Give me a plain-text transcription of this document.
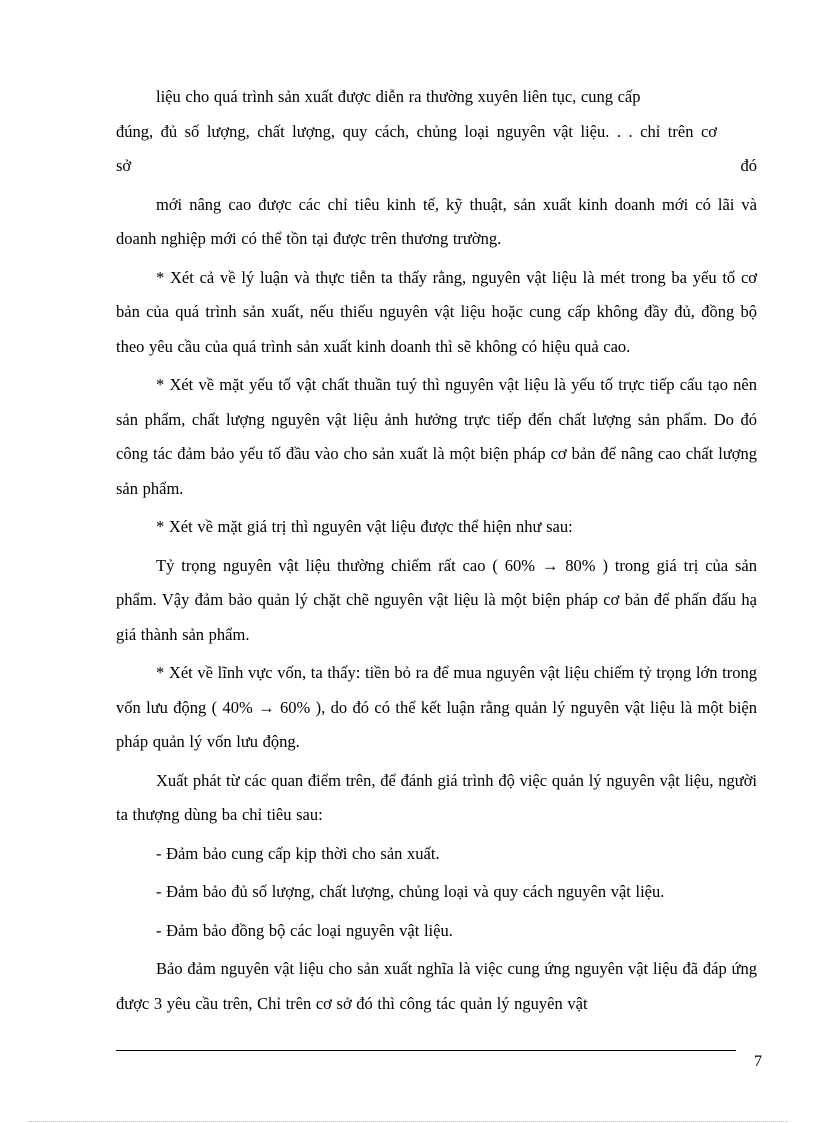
liệu cho quá trình sản xuất được diễn ra thường xuyên liên tục, cung cấp
đúng, đủ số lượng, chất lượng, quy cách, chủng loại nguyên vật liệu. . . chỉ trên cơ

sở	đó

mới nâng cao được các chỉ tiêu kinh tế, kỹ thuật, sản xuất kinh doanh mới có lãi và doanh nghiệp mới có thể tồn tại được trên thương trường.

* Xét cả về lý luận và thực tiễn ta thấy rằng, nguyên vật liệu là mét trong ba yếu tố cơ bản của quá trình sản xuất, nếu thiếu nguyên vật liệu hoặc cung cấp không đầy đủ, đồng bộ theo yêu cầu của quá trình sản xuất kinh doanh thì sẽ không có hiệu quả cao.

* Xét về mặt yếu tố vật chất thuần tuý thì nguyên vật liệu là yếu tố trực tiếp cấu tạo nên sản phẩm, chất lượng nguyên vật liệu ảnh hưởng trực tiếp đến chất lượng sản phẩm. Do đó công tác đảm bảo yếu tố đầu vào cho sản xuất là một biện pháp cơ bản để nâng cao chất lượng sản phẩm.

* Xét về mặt giá trị thì nguyên vật liệu được thể hiện như sau:

Tỷ trọng nguyên vật liệu thường chiếm rất cao ( 60% → 80% ) trong giá trị của sản phẩm. Vậy đảm bảo quản lý chặt chẽ nguyên vật liệu là một biện pháp cơ bản để phấn đấu hạ giá thành sản phẩm.

* Xét về lĩnh vực vốn, ta thấy: tiền bỏ ra để mua nguyên vật liệu chiếm tỷ trọng lớn trong vốn lưu động ( 40% → 60% ), do đó có thể kết luận rằng quản lý nguyên vật liệu là một biện pháp quản lý vốn lưu động.

Xuất phát từ các quan điểm trên, để đánh giá trình độ việc quản lý nguyên vật liệu, người ta thượng dùng ba chỉ tiêu sau:

- Đảm bảo cung cấp kịp thời cho sản xuất.

- Đảm bảo đủ số lượng, chất lượng, chủng loại và quy cách nguyên vật liệu.

- Đảm bảo đồng bộ các loại nguyên vật liệu.

Bảo đảm nguyên vật liệu cho sản xuất nghĩa là việc cung ứng nguyên vật liệu đã đáp ứng được 3 yêu cầu trên, Chỉ trên cơ sở đó thì công tác quản lý nguyên vật

7
